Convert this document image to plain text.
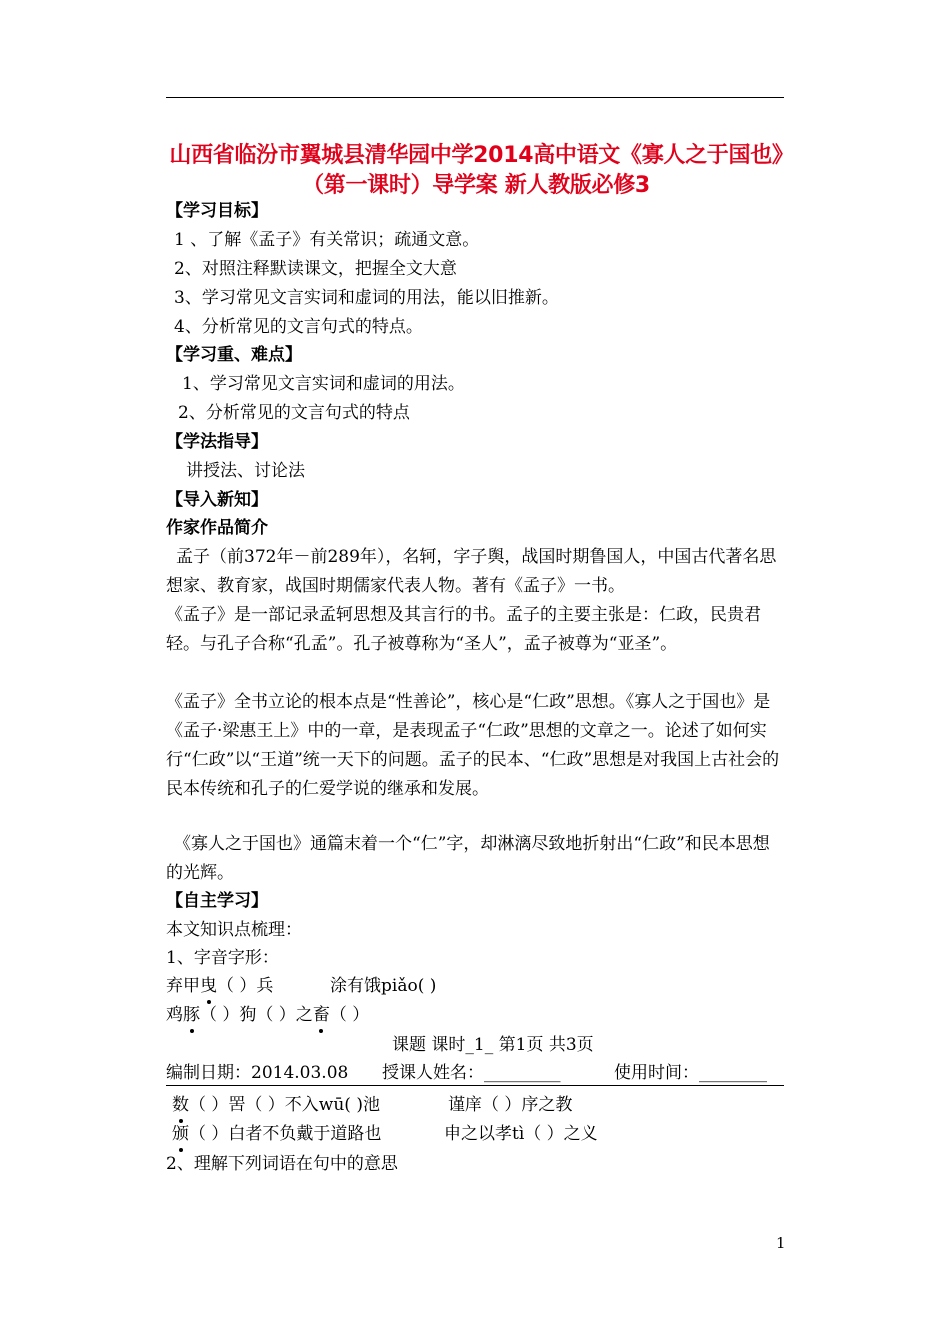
山西省临汾市翼城县清华园中学2014高中语文《寡人之于国也》（第一课时）导学案 新人教版必修3
【学习目标】
1 、了解《孟子》有关常识；疏通文意。
2、对照注释默读课文，把握全文大意
3、学习常见文言实词和虚词的用法，能以旧推新。
4、分析常见的文言句式的特点。
【学习重、难点】
1、学习常见文言实词和虚词的用法。
2、分析常见的文言句式的特点
【学法指导】
讲授法、讨论法
【导入新知】
作家作品简介
孟子（前372年－前289年），名轲，字子舆，战国时期鲁国人，中国古代著名思想家、教育家，战国时期儒家代表人物。著有《孟子》一书。
《孟子》是一部记录孟轲思想及其言行的书。孟子的主要主张是：仁政，民贵君轻。与孔子合称“孔孟”。孔子被尊称为“圣人”，孟子被尊为“亚圣”。
《孟子》全书立论的根本点是“性善论”，核心是“仁政”思想。《寡人之于国也》是《孟子·梁惠王上》中的一章，是表现孟子“仁政”思想的文章之一。论述了如何实行“仁政”以“王道”统一天下的问题。孟子的民本、“仁政”思想是对我国上古社会的民本传统和孔子的仁爱学说的继承和发展。
《寡人之于国也》通篇末着一个“仁”字，却淋漓尽致地折射出“仁政”和民本思想的光辉。
【自主学习】
本文知识点梳理：
1、字音字形：
弃甲曳（ ）兵	涂有饿piǎo( )
鸡豚（ ）狗（ ）之畜（ ）
课题 课时_1_ 第1页 共3页
编制日期：2014.03.08 授课人姓名：_________	使用时间：________
数（ ）罟（ ）不入wū( )池	谨庠（ ）序之教
颁（ ）白者不负戴于道路也	申之以孝tì（ ）之义
2、理解下列词语在句中的意思
1
